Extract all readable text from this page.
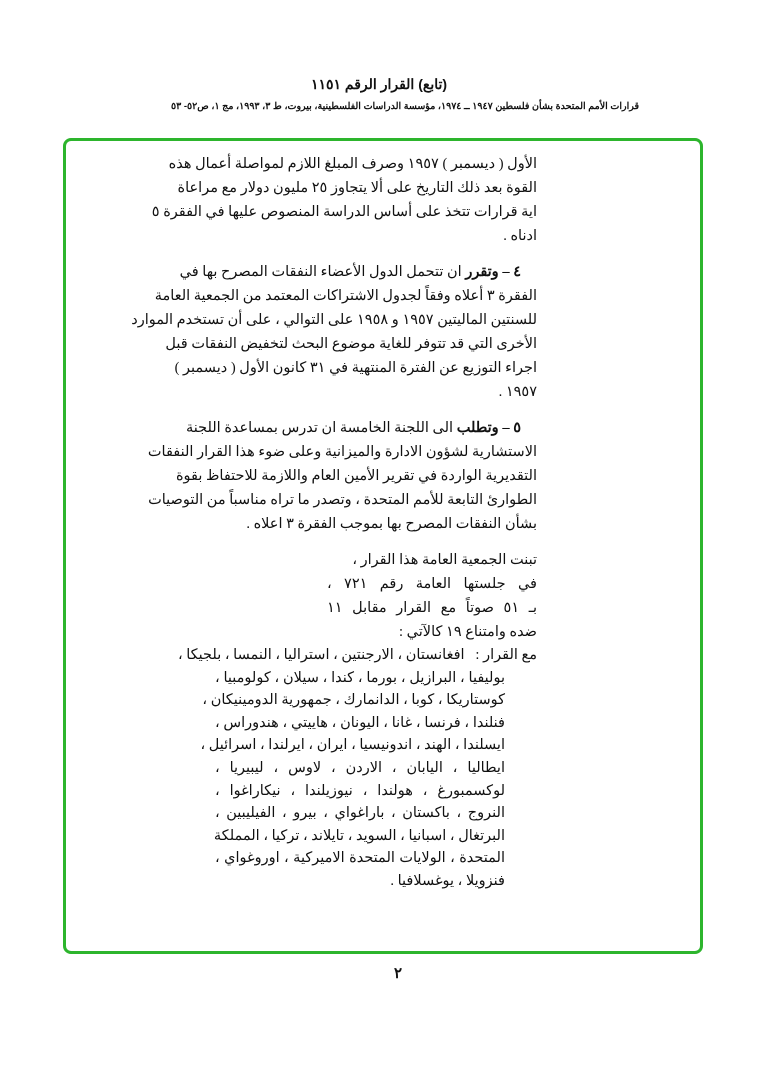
(تابع) القرار الرقم ١١٥١
قرارات الأمم المتحدة بشأن فلسطين ١٩٤٧ ــ ١٩٧٤، مؤسسة الدراسات الفلسطينية، بيروت، ط ٣، ١٩٩٣، مج ١، ص٥٢- ٥٣
الأول ( ديسمبر ) ١٩٥٧ وصرف المبلغ اللازم لمواصلة أعمال هذه
القوة بعد ذلك التاريخ على ألا يتجاوز ٢٥ مليون دولار مع مراعاة
اية قرارات تتخذ على أساس الدراسة المنصوص عليها في الفقرة ٥
ادناه .
٤ – وتقرر ان تتحمل الدول الأعضاء النفقات المصرح بها في
الفقرة ٣ أعلاه وفقاً لجدول الاشتراكات المعتمد من الجمعية العامة
للسنتين الماليتين ١٩٥٧ و ١٩٥٨ على التوالي ، على أن تستخدم الموارد
الأخرى التي قد تتوفر للغاية موضوع البحث لتخفيض النفقات قبل
اجراء التوزيع عن الفترة المنتهية في ٣١ كانون الأول ( ديسمبر )
١٩٥٧ .
٥ – وتطلب الى اللجنة الخامسة ان تدرس بمساعدة اللجنة
الاستشارية لشؤون الادارة والميزانية وعلى ضوء هذا القرار النفقات
التقديرية الواردة في تقرير الأمين العام واللازمة للاحتفاظ بقوة
الطوارئ التابعة للأمم المتحدة ، وتصدر ما تراه مناسباً من التوصيات
بشأن النفقات المصرح بها بموجب الفقرة ٣ اعلاه .
تبنت الجمعية العامة هذا القرار ،
في جلستها العامة رقم ٧٢١ ،
بـ ٥١ صوتاً مع القرار مقابل ١١
ضده وامتناع ١٩ كالآتي :
مع القرار :   افغانستان ، الارجنتين ، استراليا ، النمسا ، بلجيكا ،
بوليفيا ، البرازيل ، بورما ، كندا ، سيلان ، كولومبيا ،
كوستاريكا ، كوبا ، الدانمارك ، جمهورية الدومينيكان ،
فنلندا ، فرنسا ، غانا ، اليونان ، هاييتي ، هندوراس ،
ايسلندا ، الهند ، اندونيسيا ، ايران ، ايرلندا ، اسرائيل ،
ايطاليا ، اليابان ، الاردن ، لاوس ، ليبيريا ،
لوكسمبورغ ، هولندا ، نيوزيلندا ، نيكاراغوا ،
النروج ، باكستان ، باراغواي ، بيرو ، الفيليبين ،
البرتغال ، اسبانيا ، السويد ، تايلاند ، تركيا ، المملكة
المتحدة ، الولايات المتحدة الاميركية ، اوروغواي ،
فنزويلا ، يوغسلافيا .
٢
